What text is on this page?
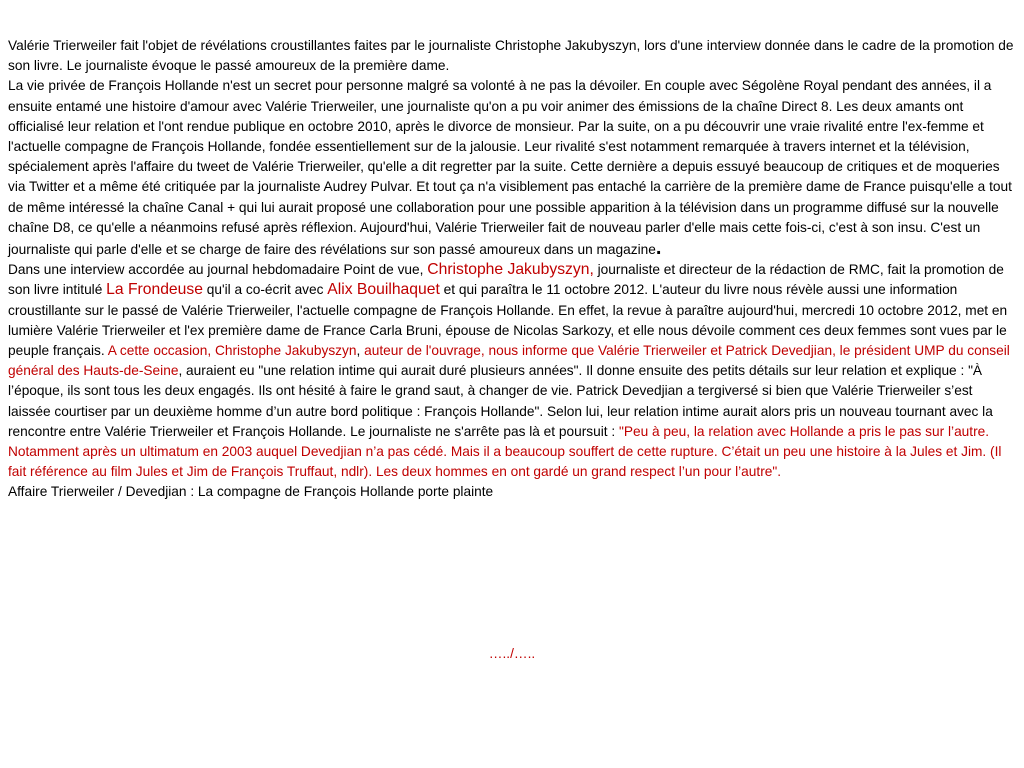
Valérie Trierweiler fait l'objet de révélations croustillantes faites par le journaliste Christophe Jakubyszyn, lors d'une interview donnée dans le cadre de la promotion de son livre. Le journaliste évoque le passé amoureux de la première dame.

La vie privée de François Hollande n'est un secret pour personne malgré sa volonté à ne pas la dévoiler. En couple avec Ségolène Royal pendant des années, il a ensuite entamé une histoire d'amour avec Valérie Trierweiler, une journaliste qu'on a pu voir animer des émissions de la chaîne Direct 8. Les deux amants ont officialisé leur relation et l'ont rendue publique en octobre 2010, après le divorce de monsieur. Par la suite, on a pu découvrir une vraie rivalité entre l'ex-femme et l'actuelle compagne de François Hollande, fondée essentiellement sur de la jalousie. Leur rivalité s'est notamment remarquée à travers internet et la télévision, spécialement après l'affaire du tweet de Valérie Trierweiler, qu'elle a dit regretter par la suite. Cette dernière a depuis essuyé beaucoup de critiques et de moqueries via Twitter et a même été critiquée par la journaliste Audrey Pulvar. Et tout ça n'a visiblement pas entaché la carrière de la première dame de France puisqu'elle a tout de même intéressé la chaîne Canal + qui lui aurait proposé une collaboration pour une possible apparition à la télévision dans un programme diffusé sur la nouvelle chaîne D8, ce qu'elle a néanmoins refusé après réflexion. Aujourd'hui, Valérie Trierweiler fait de nouveau parler d'elle mais cette fois-ci, c'est à son insu. C'est un journaliste qui parle d'elle et se charge de faire des révélations sur son passé amoureux dans un magazine.

Dans une interview accordée au journal hebdomadaire Point de vue, Christophe Jakubyszyn, journaliste et directeur de la rédaction de RMC, fait la promotion de son livre intitulé La Frondeuse qu'il a co-écrit avec Alix Bouilhaquet et qui paraîtra le 11 octobre 2012. L'auteur du livre nous révèle aussi une information croustillante sur le passé de Valérie Trierweiler, l'actuelle compagne de François Hollande. En effet, la revue à paraître aujourd'hui, mercredi 10 octobre 2012, met en lumière Valérie Trierweiler et l'ex première dame de France Carla Bruni, épouse de Nicolas Sarkozy, et elle nous dévoile comment ces deux femmes sont vues par le peuple français. A cette occasion, Christophe Jakubyszyn, auteur de l'ouvrage, nous informe que Valérie Trierweiler et Patrick Devedjian, le président UMP du conseil général des Hauts-de-Seine, auraient eu "une relation intime qui aurait duré plusieurs années". Il donne ensuite des petits détails sur leur relation et explique : "À l’époque, ils sont tous les deux engagés. Ils ont hésité à faire le grand saut, à changer de vie. Patrick Devedjian a tergiversé si bien que Valérie Trierweiler s’est laissée courtiser par un deuxième homme d’un autre bord politique : François Hollande". Selon lui, leur relation intime aurait alors pris un nouveau tournant avec la rencontre entre Valérie Trierweiler et François Hollande. Le journaliste ne s'arrête pas là et poursuit : "Peu à peu, la relation avec Hollande a pris le pas sur l’autre. Notamment après un ultimatum en 2003 auquel Devedjian n’a pas cédé. Mais il a beaucoup souffert de cette rupture. C’était un peu une histoire à la Jules et Jim. (Il fait référence au film Jules et Jim de François Truffaut, ndlr). Les deux hommes en ont gardé un grand respect l’un pour l’autre".

Affaire Trierweiler / Devedjian : La compagne de François Hollande porte plainte

…../…..
